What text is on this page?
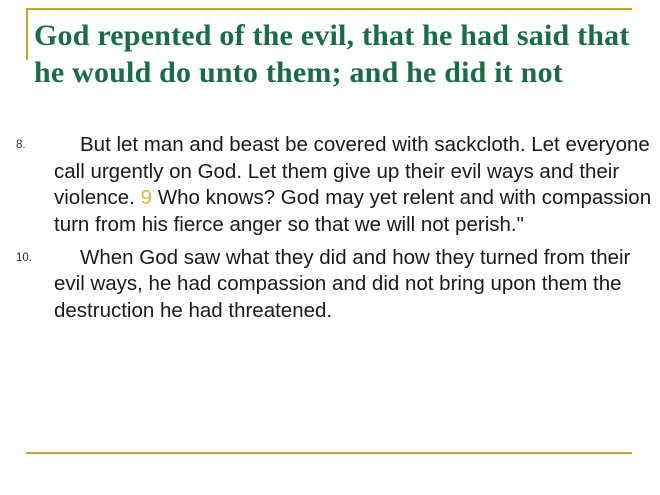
God repented of the evil, that he had said that he would do unto them; and he did it not
8.	But let man and beast be covered with sackcloth. Let everyone call urgently on God. Let them give up their evil ways and their violence. 9 Who knows? God may yet relent and with compassion turn from his fierce anger so that we will not perish."
10. When God saw what they did and how they turned from their evil ways, he had compassion and did not bring upon them the destruction he had threatened.
